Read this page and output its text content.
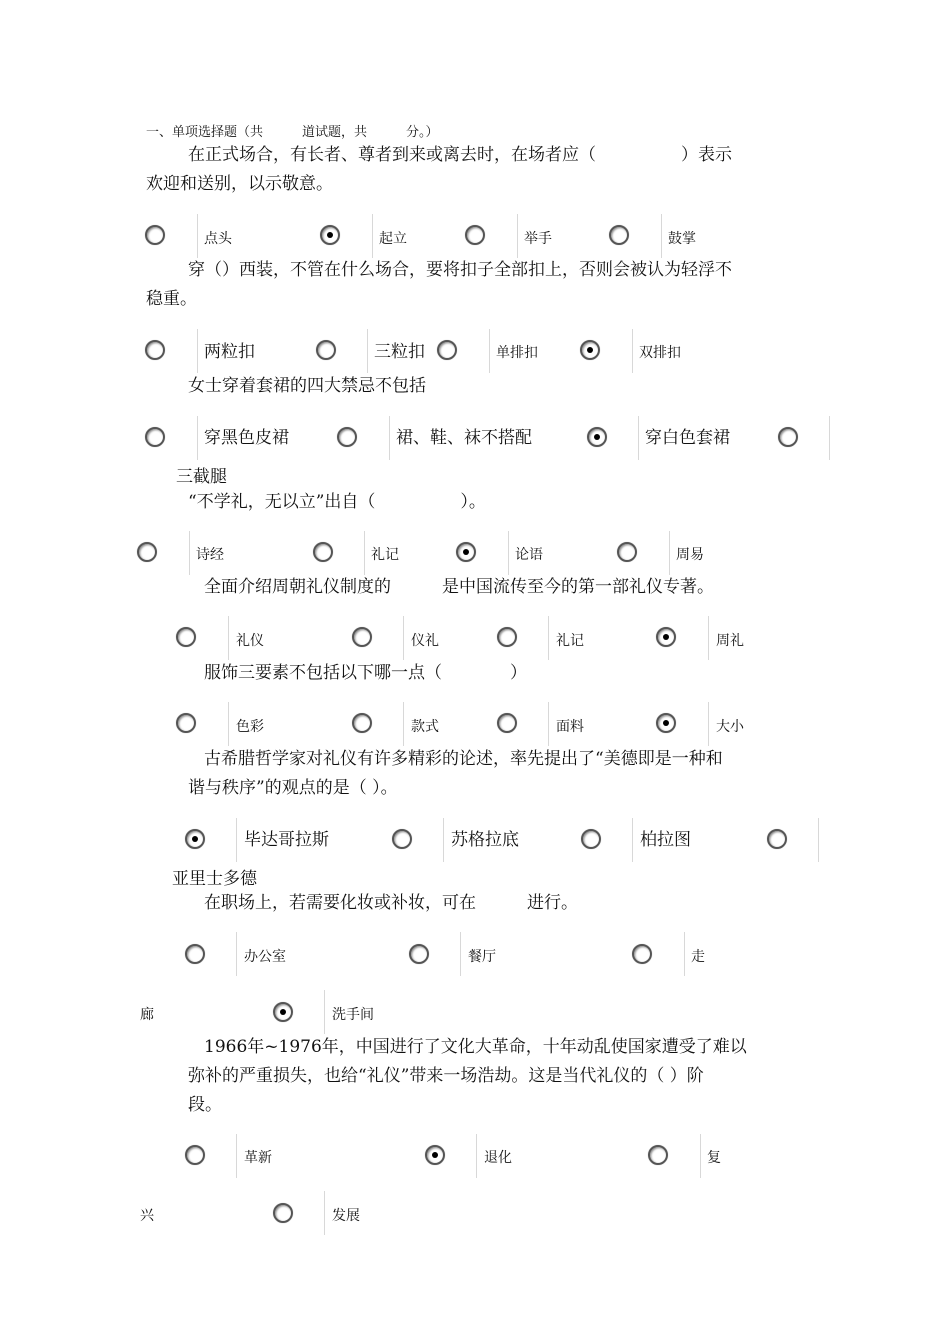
一、单项选择题（共　　　道试题，共　　　分。）
在正式场合，有长者、尊者到来或离去时，在场者应（　　　　　）表示
欢迎和送别，以示敬意。
点头	起立	举手	鼓掌
穿（）西装，不管在什么场合，要将扣子全部扣上，否则会被认为轻浮不
稳重。
两粒扣	三粒扣	单排扣	双排扣
女士穿着套裙的四大禁忌不包括
穿黑色皮裙	裙、鞋、袜不搭配	穿白色套裙
三截腿
“不学礼，无以立”出自（　　　　　）。
诗经	礼记	论语	周易
全面介绍周朝礼仪制度的　　　是中国流传至今的第一部礼仪专著。
礼仪	仪礼	礼记	周礼
服饰三要素不包括以下哪一点（　　　　）
色彩	款式	面料	大小
古希腊哲学家对礼仪有许多精彩的论述，率先提出了“美德即是一种和
谐与秩序”的观点的是（ ）。
毕达哥拉斯	苏格拉底	柏拉图
亚里士多德
在职场上，若需要化妆或补妆，可在　　　进行。
办公室	餐厅	走
廊	洗手间
1966年~1976年，中国进行了文化大革命，十年动乱使国家遭受了难以
弥补的严重损失，也给“礼仪”带来一场浩劫。这是当代礼仪的（ ）阶
段。
革新	退化	复
兴	发展
